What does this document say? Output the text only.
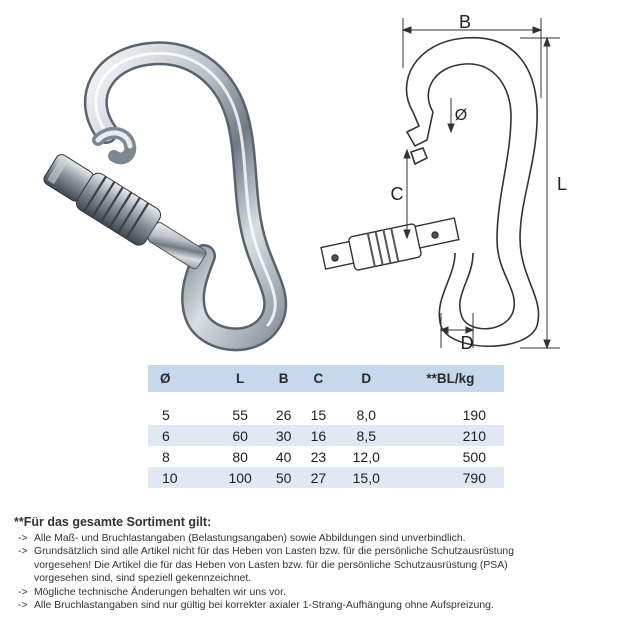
B
L
C
D
Ø
Ø	L	B	C	D	**BL/kg

5	55	26	15	8,0	190
6	60	30	16	8,5	210
8	80	40	23	12,0	500
10	100	50	27	15,0	790

**Für das gesamte Sortiment gilt:

-> Alle Maß- und Bruchlastangaben (Belastungsangaben) sowie Abbildungen sind unverbindlich.
-> Grundsätzlich sind alle Artikel nicht für das Heben von Lasten bzw. für die persönliche Schutzausrüstung
vorgesehen! Die Artikel die für das Heben von Lasten bzw. für die persönliche Schutzausrüstung (PSA)
vorgesehen sind, sind speziell gekennzeichnet.
-> Mögliche technische Änderungen behalten wir uns vor.
-> Alle Bruchlastangaben sind nur gültig bei korrekter axialer 1-Strang-Aufhängung ohne Aufspreizung.
